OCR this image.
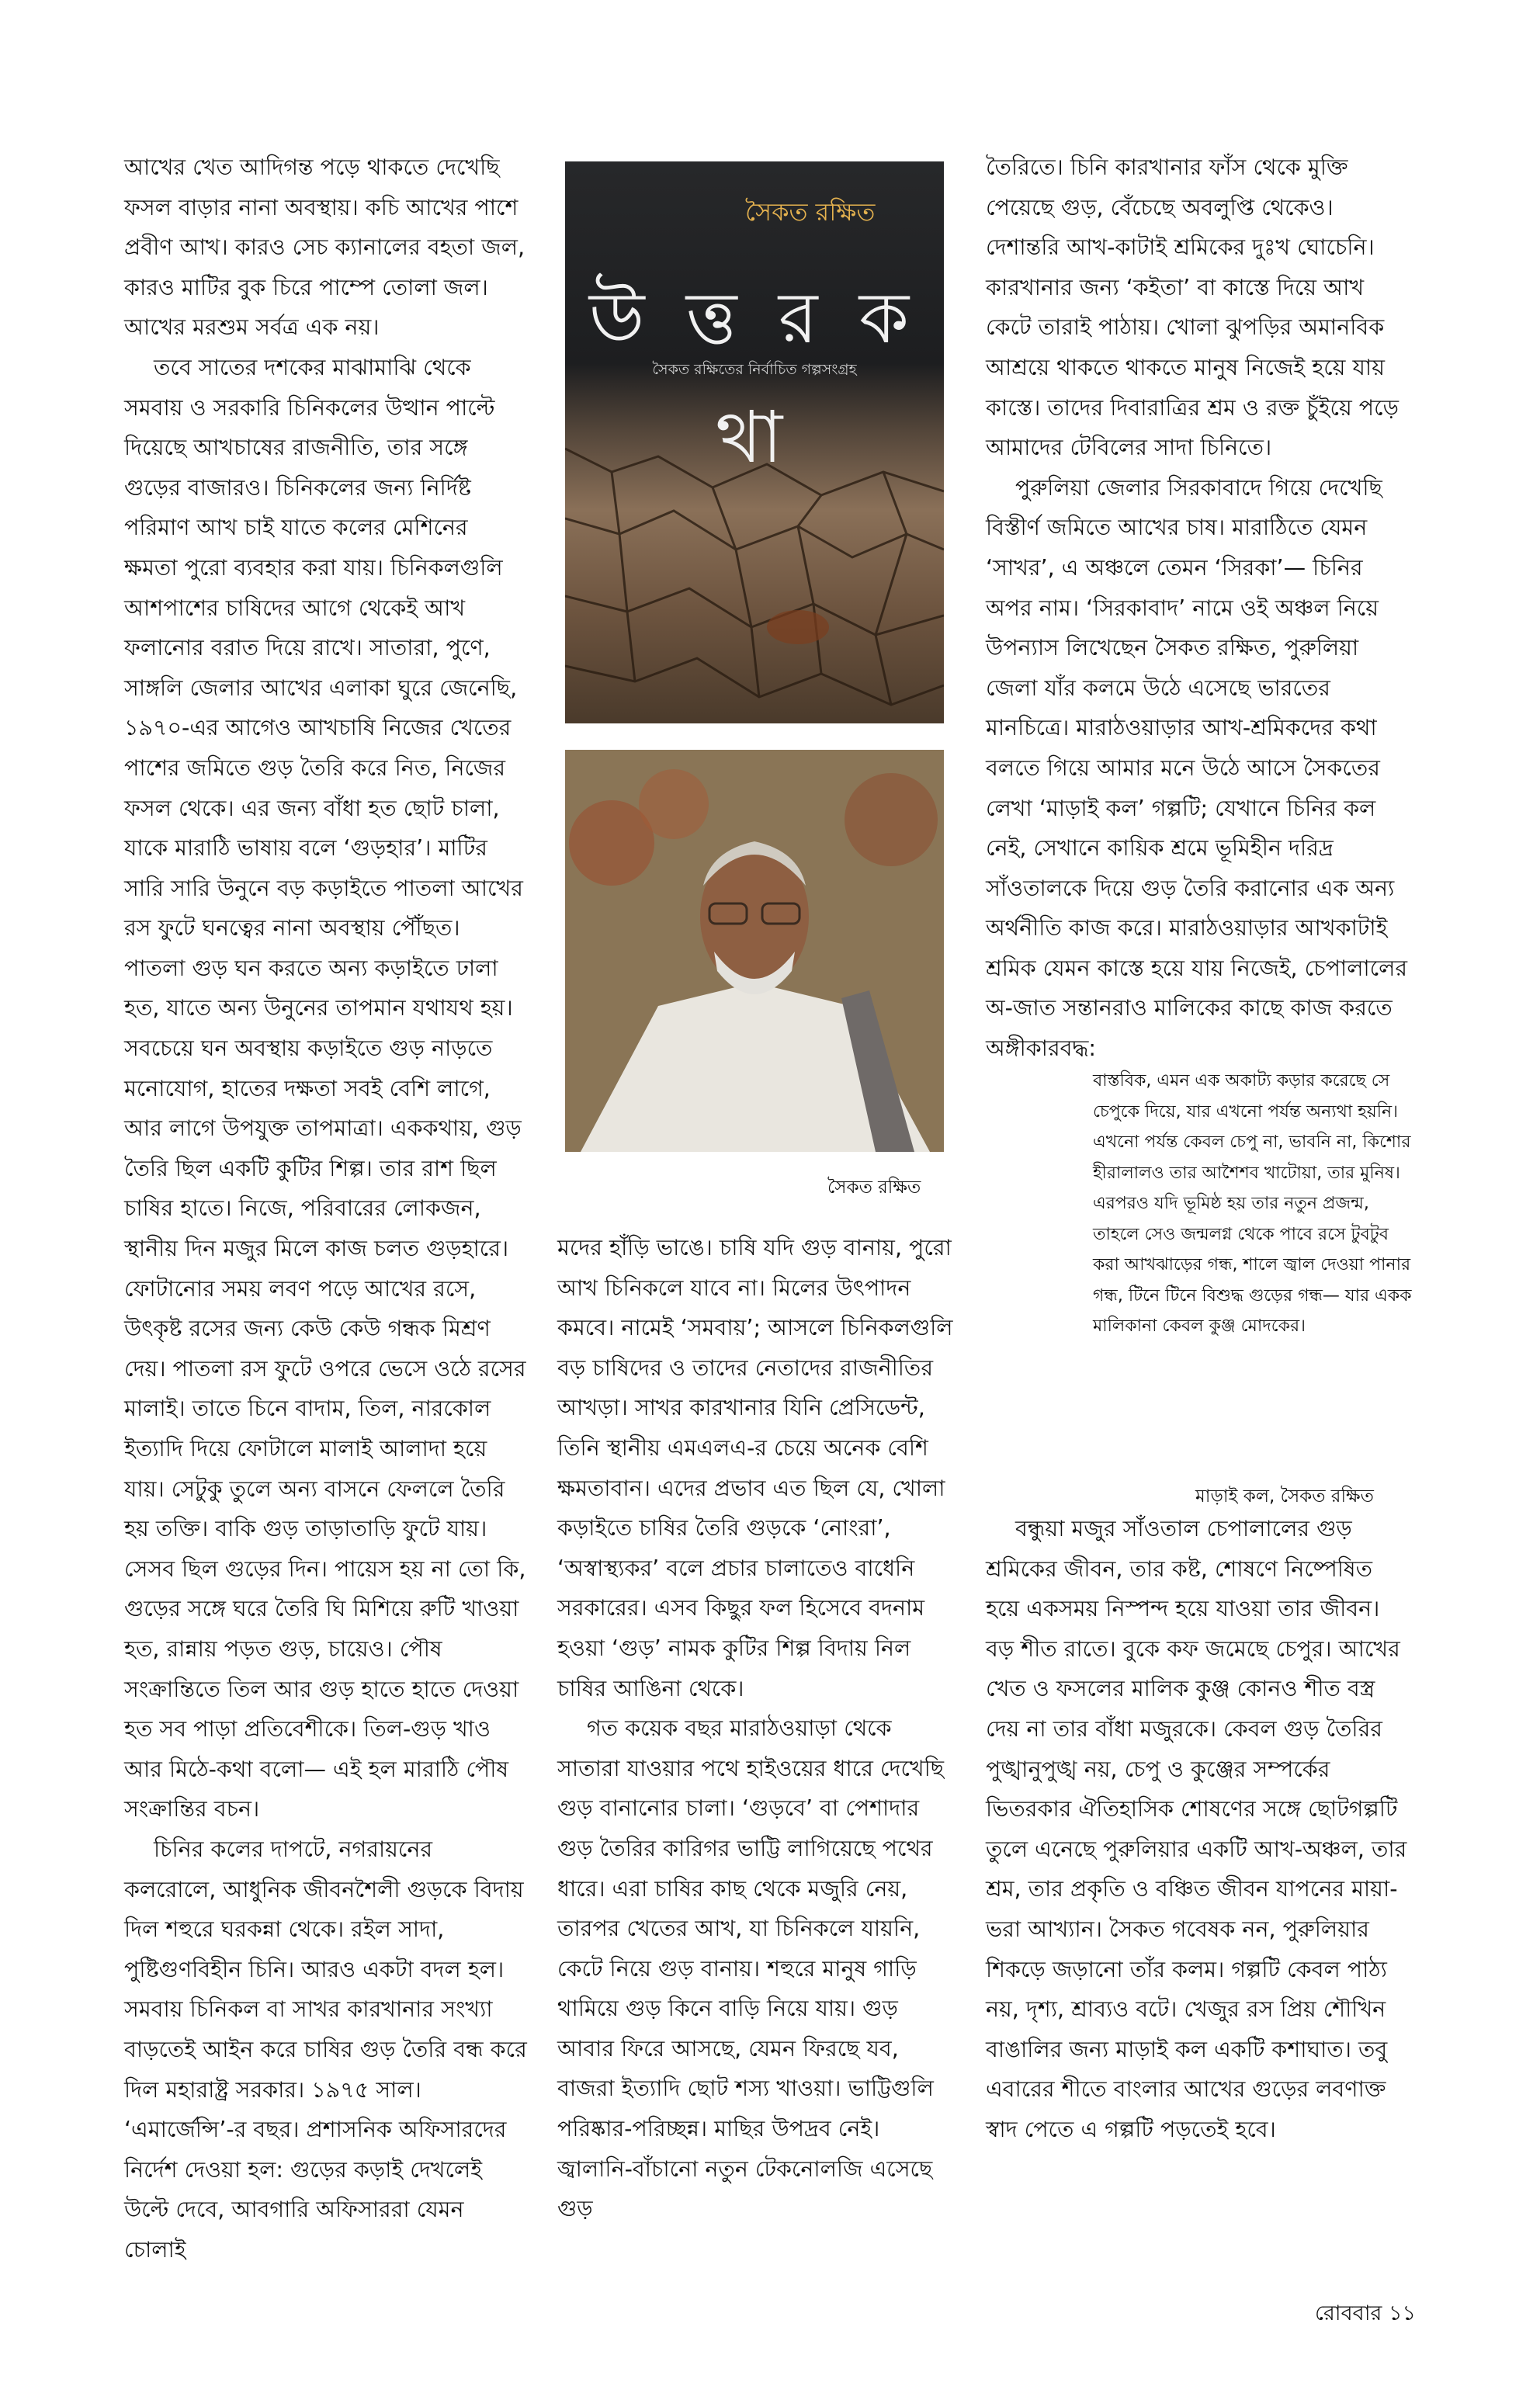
আখের খেত আদিগন্ত পড়ে থাকতে দেখেছি ফসল বাড়ার নানা অবস্থায়। কচি আখের পাশে প্রবীণ আখ। কারও সেচ ক্যানালের বহতা জল, কারও মাটির বুক চিরে পাম্পে তোলা জল। আখের মরশুম সর্বত্র এক নয়।

তবে সাতের দশকের মাঝামাঝি থেকে সমবায় ও সরকারি চিনিকলের উত্থান পাল্টে দিয়েছে আখচাষের রাজনীতি, তার সঙ্গে গুড়ের বাজারও। চিনিকলের জন্য নির্দিষ্ট পরিমাণ আখ চাই যাতে কলের মেশিনের ক্ষমতা পুরো ব্যবহার করা যায়। চিনিকলগুলি আশপাশের চাষিদের আগে থেকেই আখ ফলানোর বরাত দিয়ে রাখে। সাতারা, পুণে, সাঙ্গলি জেলার আখের এলাকা ঘুরে জেনেছি, ১৯৭০-এর আগেও আখচাষি নিজের খেতের পাশের জমিতে গুড় তৈরি করে নিত, নিজের ফসল থেকে। এর জন্য বাঁধা হত ছোট চালা, যাকে মারাঠি ভাষায় বলে ‘গুড়হার’। মাটির সারি সারি উনুনে বড় কড়াইতে পাতলা আখের রস ফুটে ঘনত্বের নানা অবস্থায় পৌঁছত। পাতলা গুড় ঘন করতে অন্য কড়াইতে ঢালা হত, যাতে অন্য উনুনের তাপমান যথাযথ হয়। সবচেয়ে ঘন অবস্থায় কড়াইতে গুড় নাড়তে মনোযোগ, হাতের দক্ষতা সবই বেশি লাগে, আর লাগে উপযুক্ত তাপমাত্রা। এককথায়, গুড় তৈরি ছিল একটি কুটির শিল্প। তার রাশ ছিল চাষির হাতে। নিজে, পরিবারের লোকজন, স্থানীয় দিন মজুর মিলে কাজ চলত গুড়হারে। ফোটানোর সময় লবণ পড়ে আখের রসে, উৎকৃষ্ট রসের জন্য কেউ কেউ গন্ধক মিশ্রণ দেয়। পাতলা রস ফুটে ওপরে ভেসে ওঠে রসের মালাই। তাতে চিনে বাদাম, তিল, নারকোল ইত্যাদি দিয়ে ফোটালে মালাই আলাদা হয়ে যায়। সেটুকু তুলে অন্য বাসনে ফেললে তৈরি হয় তক্তি। বাকি গুড় তাড়াতাড়ি ফুটে যায়। সেসব ছিল গুড়ের দিন। পায়েস হয় না তো কি, গুড়ের সঙ্গে ঘরে তৈরি ঘি মিশিয়ে রুটি খাওয়া হত, রান্নায় পড়ত গুড়, চায়েও। পৌষ সংক্রান্তিতে তিল আর গুড় হাতে হাতে দেওয়া হত সব পাড়া প্রতিবেশীকে। তিল-গুড় খাও আর মিঠে-কথা বলো— এই হল মারাঠি পৌষ সংক্রান্তির বচন।

চিনির কলের দাপটে, নগরায়নের কলরোলে, আধুনিক জীবনশৈলী গুড়কে বিদায় দিল শহুরে ঘরকন্না থেকে। রইল সাদা, পুষ্টিগুণবিহীন চিনি। আরও একটা বদল হল। সমবায় চিনিকল বা সাখর কারখানার সংখ্যা বাড়তেই আইন করে চাষির গুড় তৈরি বন্ধ করে দিল মহারাষ্ট্র সরকার। ১৯৭৫ সাল। ‘এমার্জেন্সি’-র বছর। প্রশাসনিক অফিসারদের নির্দেশ দেওয়া হল: গুড়ের কড়াই দেখলেই উল্টে দেবে, আবগারি অফিসাররা যেমন চোলাই

সৈকত রক্ষিত
উ ত্ত র ক থা
সৈকত রক্ষিতের নির্বাচিত গল্পসংগ্রহ
সৈকত রক্ষিত

মদের হাঁড়ি ভাঙে। চাষি যদি গুড় বানায়, পুরো আখ চিনিকলে যাবে না। মিলের উৎপাদন কমবে। নামেই ‘সমবায়’; আসলে চিনিকলগুলি বড় চাষিদের ও তাদের নেতাদের রাজনীতির আখড়া। সাখর কারখানার যিনি প্রেসিডেন্ট, তিনি স্থানীয় এমএলএ-র চেয়ে অনেক বেশি ক্ষমতাবান। এদের প্রভাব এত ছিল যে, খোলা কড়াইতে চাষির তৈরি গুড়কে ‘নোংরা’, ‘অস্বাস্থ্যকর’ বলে প্রচার চালাতেও বাধেনি সরকারের। এসব কিছুর ফল হিসেবে বদনাম হওয়া ‘গুড়’ নামক কুটির শিল্প বিদায় নিল চাষির আঙিনা থেকে।

গত কয়েক বছর মারাঠওয়াড়া থেকে সাতারা যাওয়ার পথে হাইওয়ের ধারে দেখেছি গুড় বানানোর চালা। ‘গুড়বে’ বা পেশাদার গুড় তৈরির কারিগর ভাট্টি লাগিয়েছে পথের ধারে। এরা চাষির কাছ থেকে মজুরি নেয়, তারপর খেতের আখ, যা চিনিকলে যায়নি, কেটে নিয়ে গুড় বানায়। শহুরে মানুষ গাড়ি থামিয়ে গুড় কিনে বাড়ি নিয়ে যায়। গুড় আবার ফিরে আসছে, যেমন ফিরছে যব, বাজরা ইত্যাদি ছোট শস্য খাওয়া। ভাট্টিগুলি পরিষ্কার-পরিচ্ছন্ন। মাছির উপদ্রব নেই। জ্বালানি-বাঁচানো নতুন টেকনোলজি এসেছে গুড়

তৈরিতে। চিনি কারখানার ফাঁস থেকে মুক্তি পেয়েছে গুড়, বেঁচেছে অবলুপ্তি থেকেও। দেশান্তরি আখ-কাটাই শ্রমিকের দুঃখ ঘোচেনি। কারখানার জন্য ‘কইতা’ বা কাস্তে দিয়ে আখ কেটে তারাই পাঠায়। খোলা ঝুপড়ির অমানবিক আশ্রয়ে থাকতে থাকতে মানুষ নিজেই হয়ে যায় কাস্তে। তাদের দিবারাত্রির শ্রম ও রক্ত চুঁইয়ে পড়ে আমাদের টেবিলের সাদা চিনিতে।

পুরুলিয়া জেলার সিরকাবাদে গিয়ে দেখেছি বিস্তীর্ণ জমিতে আখের চাষ। মারাঠিতে যেমন ‘সাখর’, এ অঞ্চলে তেমন ‘সিরকা’— চিনির অপর নাম। ‘সিরকাবাদ’ নামে ওই অঞ্চল নিয়ে উপন্যাস লিখেছেন সৈকত রক্ষিত, পুরুলিয়া জেলা যাঁর কলমে উঠে এসেছে ভারতের মানচিত্রে। মারাঠওয়াড়ার আখ-শ্রমিকদের কথা বলতে গিয়ে আমার মনে উঠে আসে সৈকতের লেখা ‘মাড়াই কল’ গল্পটি; যেখানে চিনির কল নেই, সেখানে কায়িক শ্রমে ভূমিহীন দরিদ্র সাঁওতালকে দিয়ে গুড় তৈরি করানোর এক অন্য অর্থনীতি কাজ করে। মারাঠওয়াড়ার আখকাটাই শ্রমিক যেমন কাস্তে হয়ে যায় নিজেই, চেপালালের অ-জাত সন্তানরাও মালিকের কাছে কাজ করতে অঙ্গীকারবদ্ধ:

বাস্তবিক, এমন এক অকাট্য কড়ার করেছে সে চেপুকে দিয়ে, যার এখনো পর্যন্ত অন্যথা হয়নি। এখনো পর্যন্ত কেবল চেপু না, ভাবনি না, কিশোর হীরালালও তার আশৈশব খাটোয়া, তার মুনিষ। এরপরও যদি ভূমিষ্ঠ হয় তার নতুন প্রজন্ম, তাহলে সেও জন্মলগ্ন থেকে পাবে রসে টুবটুব করা আখঝাড়ের গন্ধ, শালে জ্বাল দেওয়া পানার গন্ধ, টিনে টিনে বিশুদ্ধ গুড়ের গন্ধ— যার একক মালিকানা কেবল কুঞ্জ মোদকের।

মাড়াই কল, সৈকত রক্ষিত

বন্ধুয়া মজুর সাঁওতাল চেপালালের গুড় শ্রমিকের জীবন, তার কষ্ট, শোষণে নিষ্পেষিত হয়ে একসময় নিস্পন্দ হয়ে যাওয়া তার জীবন। বড় শীত রাতে। বুকে কফ জমেছে চেপুর। আখের খেত ও ফসলের মালিক কুঞ্জ কোনও শীত বস্ত্র দেয় না তার বাঁধা মজুরকে। কেবল গুড় তৈরির পুঙ্খানুপুঙ্খ নয়, চেপু ও কুঞ্জের সম্পর্কের ভিতরকার ঐতিহাসিক শোষণের সঙ্গে ছোটগল্পটি তুলে এনেছে পুরুলিয়ার একটি আখ-অঞ্চল, তার শ্রম, তার প্রকৃতি ও বঞ্চিত জীবন যাপনের মায়া-ভরা আখ্যান। সৈকত গবেষক নন, পুরুলিয়ার শিকড়ে জড়ানো তাঁর কলম। গল্পটি কেবল পাঠ্য নয়, দৃশ্য, শ্রাব্যও বটে। খেজুর রস প্রিয় শৌখিন বাঙালির জন্য মাড়াই কল একটি কশাঘাত। তবু এবারের শীতে বাংলার আখের গুড়ের লবণাক্ত স্বাদ পেতে এ গল্পটি পড়তেই হবে।

রোববার ১১
